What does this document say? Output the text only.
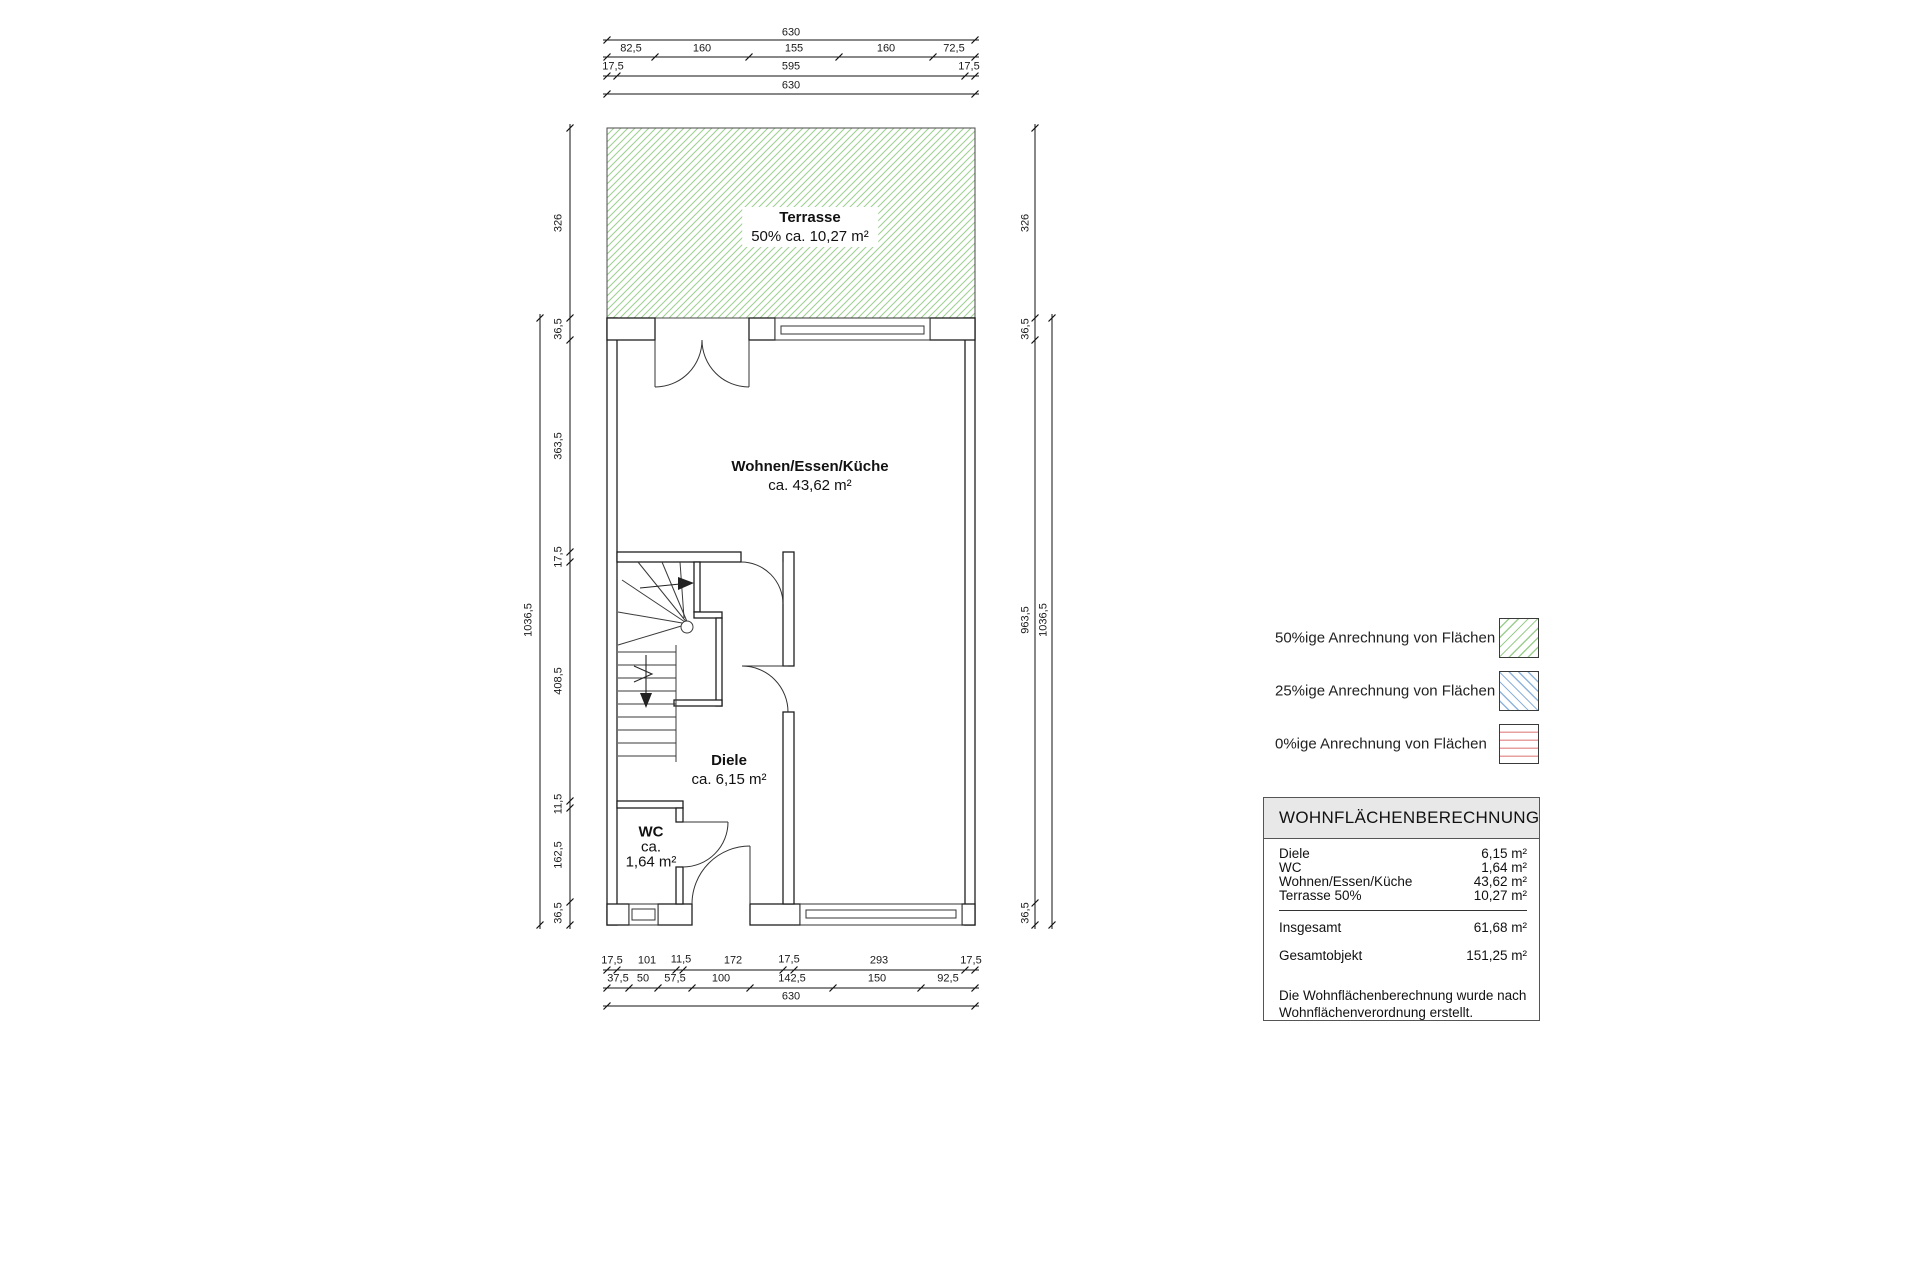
630
82,5	160	155	160	72,5
17,5	595	17,5
630
17,5 101 11,5	172	17,5	293	17,5
37,5 50 57,5 100	142,5	150	92,5
630
326
36,5
363,5
17,5
408,5
11,5
162,5
36,5
1036,5
326
36,5
963,5
36,5
1036,5
Terrasse
50% ca. 10,27 m²
Wohnen/Essen/Küche
ca. 43,62 m²
Diele
ca. 6,15 m²
WC
ca.
1,64 m²
50%ige Anrechnung von Flächen
25%ige Anrechnung von Flächen
0%ige Anrechnung von Flächen
WOHNFLÄCHENBERECHNUNG
Diele	6,15 m²
WC	1,64 m²
Wohnen/Essen/Küche	43,62 m²
Terrasse 50%	10,27 m²
Insgesamt	61,68 m²
Gesamtobjekt	151,25 m²
Die Wohnflächenberechnung wurde nach
Wohnflächenverordnung erstellt.
